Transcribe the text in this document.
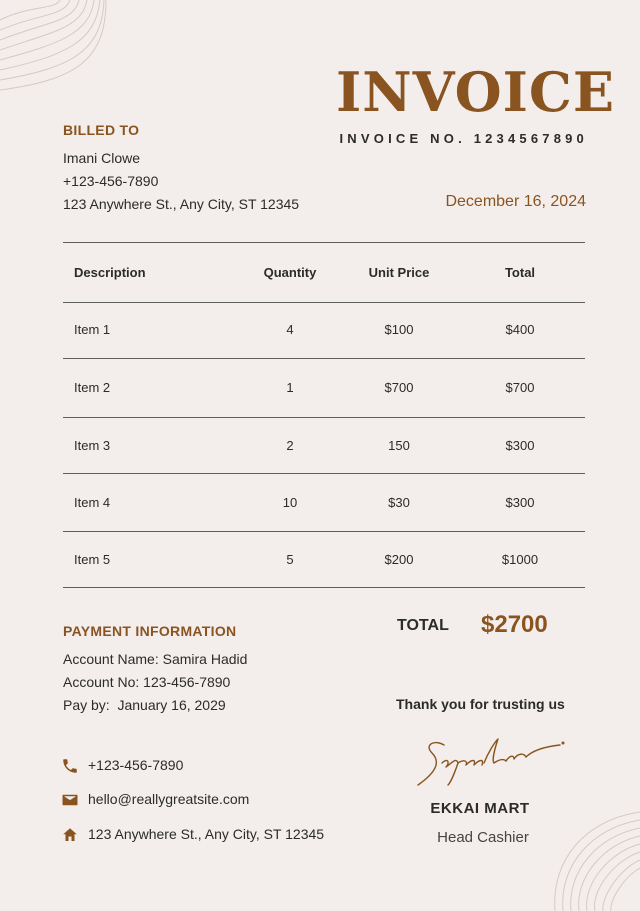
INVOICE
INVOICE NO. 1234567890
BILLED TO
Imani Clowe
+123-456-7890
123 Anywhere St., Any City, ST 12345	December 16, 2024
Description	Quantity	Unit Price	Total
Item 1	4	$100	$400
Item 2	1	$700	$700
Item 3	2	150	$300
Item 4	10	$30	$300
Item 5	5	$200	$1000
TOTAL $2700
PAYMENT INFORMATION
Account Name: Samira Hadid
Account No: 123-456-7890
Pay by:  January 16, 2029	Thank you for trusting us
EKKAI MART
Head Cashier
+123-456-7890
hello@reallygreatsite.com
123 Anywhere St., Any City, ST 12345
